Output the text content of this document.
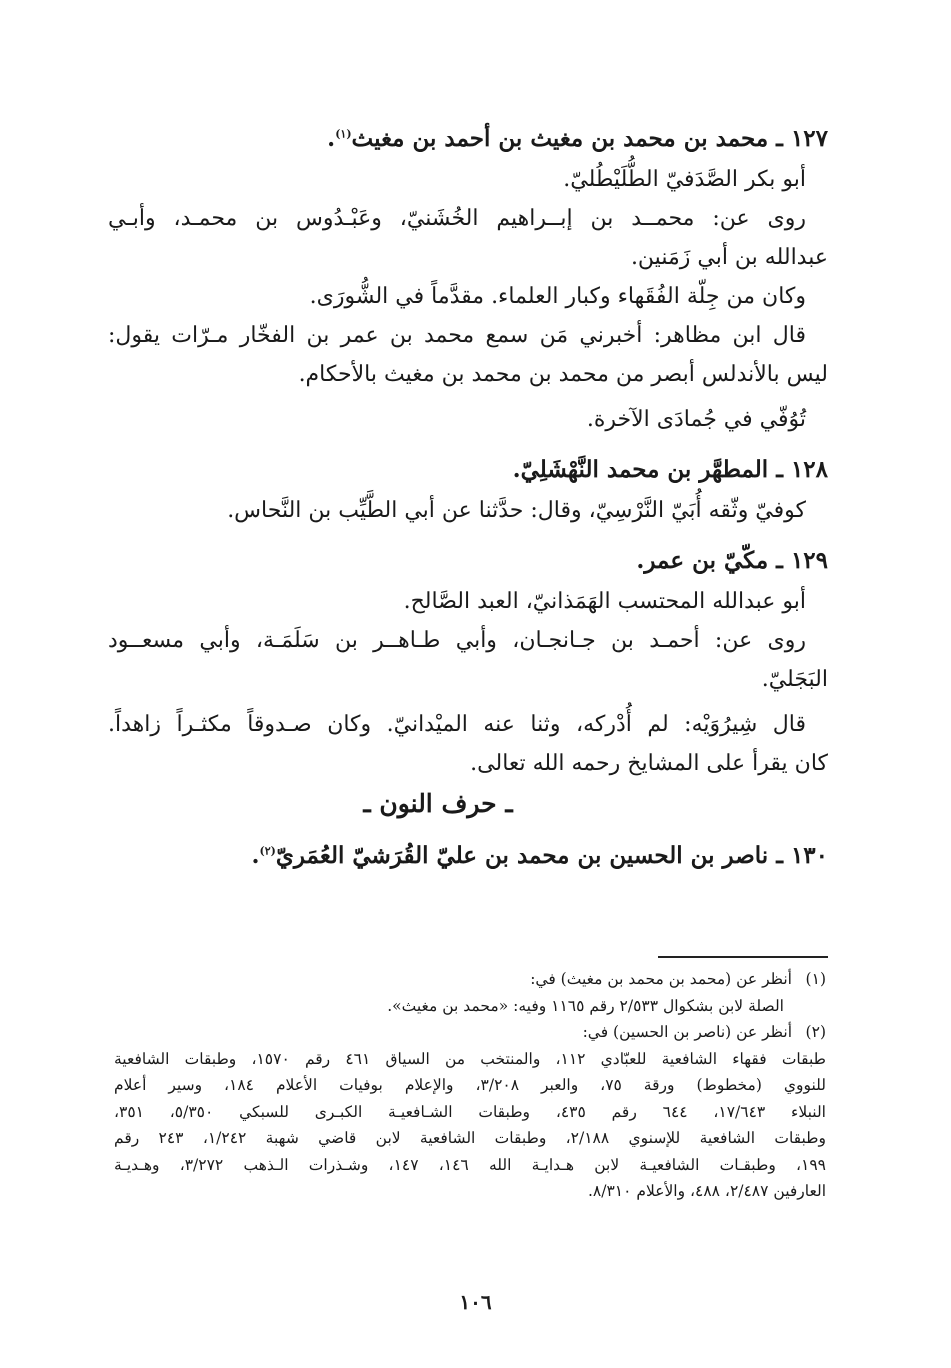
١٢٧ ـ محمد بن محمد بن مغيث بن أحمد بن مغيث$^{(١)}$.
أبو بكر الصَّدَفيّ الطُّلَيْطُليّ.
روى عن: محمــد بن إبــراهيم الخُشَنيّ، وعَبْـدُوس بن محمـد، وأبـي
عبدالله بن أبي زَمَنين.
وكان من جِلّة الفُقَهاء وكبار العلماء. مقدَّماً في الشُّورَى.
قال ابن مظاهر: أخبرني مَن سمع محمد بن عمر بن الفخّار مـرّات يقول:
ليس بالأندلس أبصر من محمد بن محمد بن مغيث بالأحكام.
تُوُفّي في جُمادَى الآخرة.
١٢٨ ـ المطهَّر بن محمد النَّهْشَلِيّ.
كوفيّ وثّقه أُبَيّ النَّرْسِيّ، وقال: حدَّثنا عن أبي الطَّيِّب بن النَّحاس.
١٢٩ ـ مكّيّ بن عمر.
أبو عبدالله المحتسب الهَمَذانيّ، العبد الصَّالح.
روى عن: أحمـد بن جـانجـان، وأبي طـاهــر بن سَلَمَـة، وأبي مسعــود
البَجَليّ.
قال شِيرُوَيْه: لم أُدْركه، وثنا عنه الميْدانيّ. وكان صـدوقاً مكثـراً زاهداً.
كان يقرأ على المشايخ رحمه الله تعالى.
ـ حرف النون ـ
١٣٠ ـ ناصر بن الحسين بن محمد بن عليّ القُرَشيّ العُمَريّ$^{(٢)}$.
(١)أنظر عن (محمد بن محمد بن مغيث) في:
الصلة لابن بشكوال ٢/٥٣٣ رقم ١١٦٥ وفيه: «محمد بن مغيث».
(٢)أنظر عن (ناصر بن الحسين) في:
طبقات فقهاء الشافعية للعبّادي ١١٢، والمنتخب من السياق ٤٦١ رقم ١٥٧٠، وطبقات الشافعية
للنووي (مخطوط) ورقة ٧٥، والعبر ٣/٢٠٨، والإعلام بوفيات الأعلام ١٨٤، وسير أعلام
النبلاء ١٧/٦٤٣، ٦٤٤ رقم ٤٣٥، وطبقات الشـافعيـة الكبـرى للسبكي ٥/٣٥٠، ٣٥١،
وطبقات الشافعية للإسنوي ٢/١٨٨، وطبقات الشافعية لابن قاضي شهبة ١/٢٤٢، ٢٤٣ رقم
١٩٩، وطبقـات الشافعيـة لابن هـدايـة الله ١٤٦، ١٤٧، وشـذرات الـذهب ٣/٢٧٢، وهـديـة
العارفين ٢/٤٨٧، ٤٨٨، والأعلام ٨/٣١٠.
١٠٦
